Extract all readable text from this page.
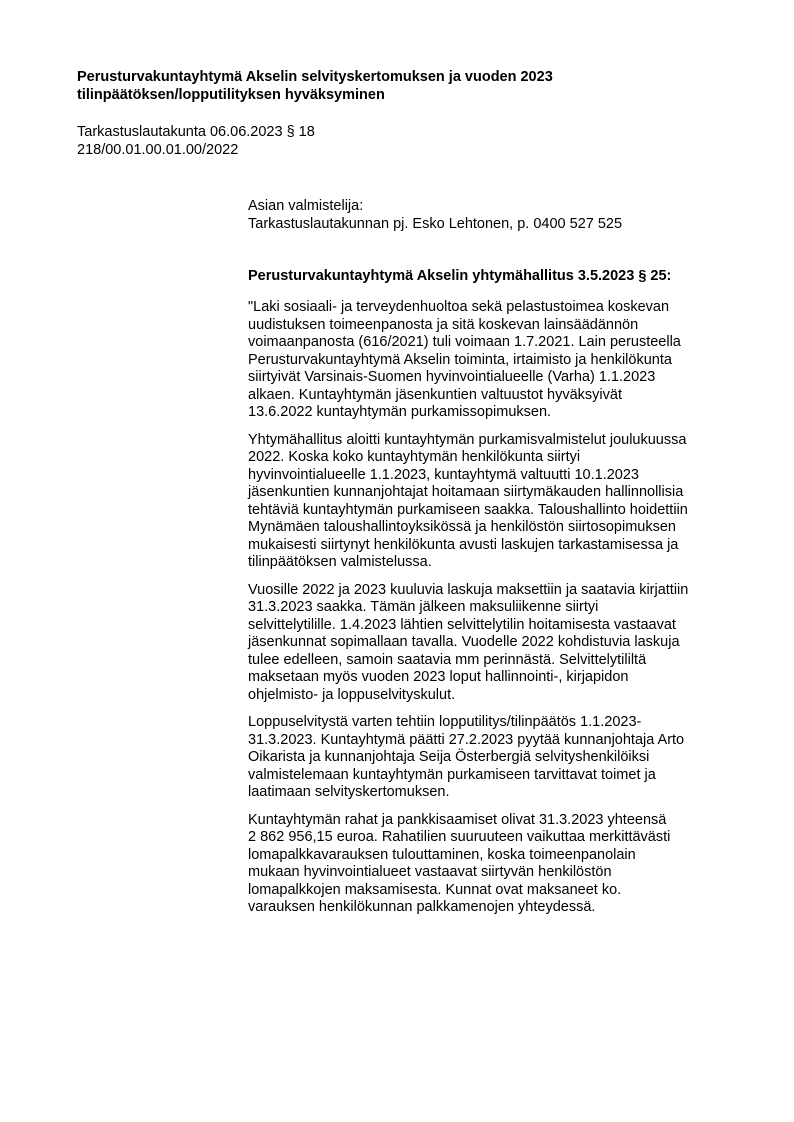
Perusturvakuntayhtymä Akselin selvityskertomuksen ja vuoden 2023
tilinpäätöksen/lopputilityksen hyväksyminen
Tarkastuslautakunta 06.06.2023 § 18
218/00.01.00.01.00/2022
Asian valmistelija:
Tarkastuslautakunnan pj. Esko Lehtonen, p. 0400 527 525
Perusturvakuntayhtymä Akselin yhtymähallitus 3.5.2023 § 25:
"Laki sosiaali- ja terveydenhuoltoa sekä pelastustoimea koskevan
uudistuksen toimeenpanosta ja sitä koskevan lainsäädännön
voimaanpanosta (616/2021) tuli voimaan 1.7.2021. Lain perusteella
Perusturvakuntayhtymä Akselin toiminta, irtaimisto ja henkilökunta
siirtyivät Varsinais-Suomen hyvinvointialueelle (Varha) 1.1.2023
alkaen. Kuntayhtymän jäsenkuntien valtuustot hyväksyivät
13.6.2022 kuntayhtymän purkamissopimuksen.
Yhtymähallitus aloitti kuntayhtymän purkamisvalmistelut joulukuussa
2022. Koska koko kuntayhtymän henkilökunta siirtyi
hyvinvointialueelle 1.1.2023, kuntayhtymä valtuutti 10.1.2023
jäsenkuntien kunnanjohtajat hoitamaan siirtymäkauden hallinnollisia
tehtäviä kuntayhtymän purkamiseen saakka. Taloushallinto hoidettiin
Mynämäen taloushallintoyksikössä ja henkilöstön siirtosopimuksen
mukaisesti siirtynyt henkilökunta avusti laskujen tarkastamisessa ja
tilinpäätöksen valmistelussa.
Vuosille 2022 ja 2023 kuuluvia laskuja maksettiin ja saatavia kirjattiin
31.3.2023 saakka. Tämän jälkeen maksuliikenne siirtyi
selvittelytilille. 1.4.2023 lähtien selvittelytilin hoitamisesta vastaavat
jäsenkunnat sopimallaan tavalla. Vuodelle 2022 kohdistuvia laskuja
tulee edelleen, samoin saatavia mm perinnästä. Selvittelytililtä
maksetaan myös vuoden 2023 loput hallinnointi-, kirjapidon
ohjelmisto- ja loppuselvityskulut.
Loppuselvitystä varten tehtiin lopputilitys/tilinpäätös 1.1.2023-
31.3.2023. Kuntayhtymä päätti 27.2.2023 pyytää kunnanjohtaja Arto
Oikarista ja kunnanjohtaja Seija Österbergiä selvityshenkilöiksi
valmistelemaan kuntayhtymän purkamiseen tarvittavat toimet ja
laatimaan selvityskertomuksen.
Kuntayhtymän rahat ja pankkisaamiset olivat 31.3.2023 yhteensä
2 862 956,15 euroa. Rahatilien suuruuteen vaikuttaa merkittävästi
lomapalkkavarauksen tulouttaminen, koska toimeenpanolain
mukaan hyvinvointialueet vastaavat siirtyvän henkilöstön
lomapalkkojen maksamisesta. Kunnat ovat maksaneet ko.
varauksen henkilökunnan palkkamenojen yhteydessä.
